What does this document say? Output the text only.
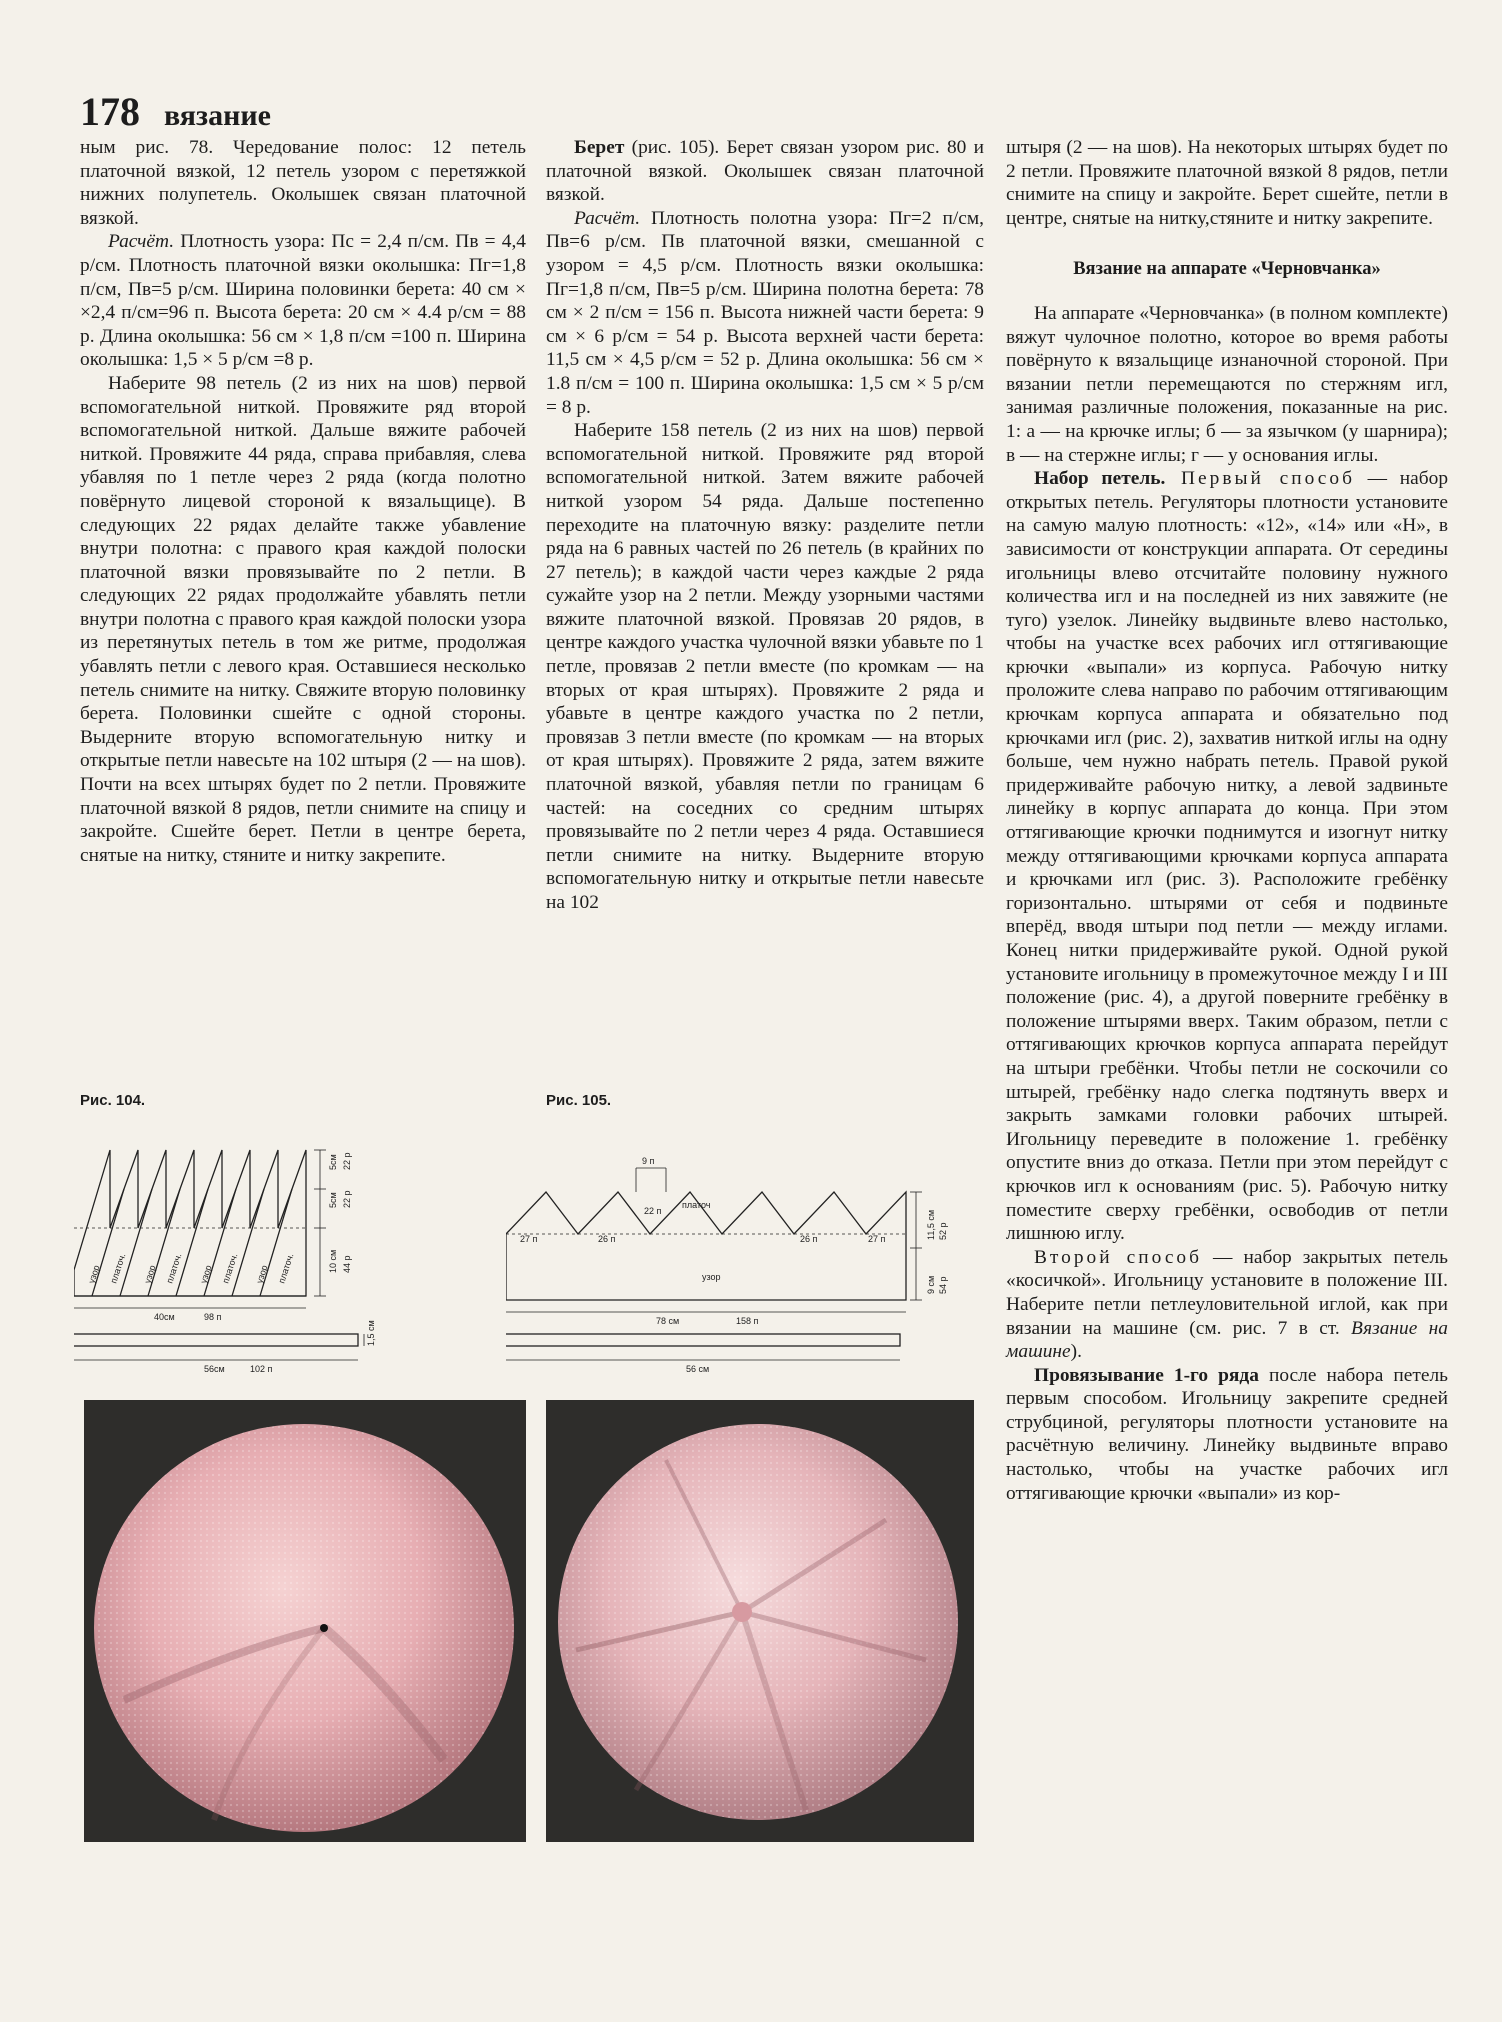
178 вязание

ным рис. 78. Чередование полос: 12 петель платочной вязкой, 12 петель узором с перетяжкой нижних полупетель. Околышек связан платочной вязкой.

Расчёт. Плотность узора: Пс = 2,4 п/см. Пв = 4,4 р/см. Плотность платочной вязки околышка: Пг=1,8 п/см, Пв=5 р/см. Ширина половинки берета: 40 см × ×2,4 п/см=96 п. Высота берета: 20 см × 4.4 р/см = 88 р. Длина околышка: 56 см × 1,8 п/см =100 п. Ширина околышка: 1,5 × 5 р/см =8 р.

Наберите 98 петель (2 из них на шов) первой вспомогательной ниткой. Провяжите ряд второй вспомогательной ниткой. Дальше вяжите рабочей ниткой. Провяжите 44 ряда, справа прибавляя, слева убавляя по 1 петле через 2 ряда (когда полотно повёрнуто лицевой стороной к вязальщице). В следующих 22 рядах делайте также убавление внутри полотна: с правого края каждой полоски платочной вязки провязывайте по 2 петли. В следующих 22 рядах продолжайте убавлять петли внутри полотна с правого края каждой полоски узора из перетянутых петель в том же ритме, продолжая убавлять петли с левого края. Оставшиеся несколько петель снимите на нитку. Свяжите вторую половинку берета. Половинки сшейте с одной стороны. Выдерните вторую вспомогательную нитку и открытые петли навесьте на 102 штыря (2 — на шов). Почти на всех штырях будет по 2 петли. Провяжите платочной вязкой 8 рядов, петли снимите на спицу и закройте. Сшейте берет. Петли в центре берета, снятые на нитку, стяните и нитку закрепите.

Берет (рис. 105). Берет связан узором рис. 80 и платочной вязкой. Околышек связан платочной вязкой.

Расчёт. Плотность полотна узора: Пг=2 п/см, Пв=6 р/см. Пв платочной вязки, смешанной с узором = 4,5 р/см. Плотность вязки околышка: Пг=1,8 п/см, Пв=5 р/см. Ширина полотна берета: 78 см × 2 п/см = 156 п. Высота нижней части берета: 9 см × 6 р/см = 54 р. Высота верхней части берета: 11,5 см × 4,5 р/см = 52 р. Длина околышка: 56 см × 1.8 п/см = 100 п. Ширина околышка: 1,5 см × 5 р/см = 8 р.

Наберите 158 петель (2 из них на шов) первой вспомогательной ниткой. Провяжите ряд второй вспомогательной ниткой. Затем вяжите рабочей ниткой узором 54 ряда. Дальше постепенно переходите на платочную вязку: разделите петли ряда на 6 равных частей по 26 петель (в крайних по 27 петель); в каждой части через каждые 2 ряда сужайте узор на 2 петли. Между узорными частями вяжите платочной вязкой. Провязав 20 рядов, в центре каждого участка чулочной вязки убавьте по 1 петле, провязав 2 петли вместе (по кромкам — на вторых от края штырях). Провяжите 2 ряда и убавьте в центре каждого участка по 2 петли, провязав 3 петли вместе (по кромкам — на вторых от края штырях). Провяжите 2 ряда, затем вяжите платочной вязкой, убавляя петли по границам 6 частей: на соседних со средним штырях провязывайте по 2 петли через 4 ряда. Оставшиеся петли снимите на нитку. Выдерните вторую вспомогательную нитку и открытые петли навесьте на 102

штыря (2 — на шов). На некоторых штырях будет по 2 петли. Провяжите платочной вязкой 8 рядов, петли снимите на спицу и закройте. Берет сшейте, петли в центре, снятые на нитку,стяните и нитку закрепите.

Вязание на аппарате «Черновчанка»

На аппарате «Черновчанка» (в полном комплекте) вяжут чулочное полотно, которое во время работы повёрнуто к вязальщице изнаночной стороной. При вязании петли перемещаются по стержням игл, занимая различные положения, показанные на рис. 1: а — на крючке иглы; б — за язычком (у шарнира); в — на стержне иглы; г — у основания иглы.

Набор петель. Первый способ — набор открытых петель. Регуляторы плотности установите на самую малую плотность: «12», «14» или «Н», в зависимости от конструкции аппарата. От середины игольницы влево отсчитайте половину нужного количества игл и на последней из них завяжите (не туго) узелок. Линейку выдвиньте влево настолько, чтобы на участке всех рабочих игл оттягивающие крючки «выпали» из корпуса. Рабочую нитку проложите слева направо по рабочим оттягивающим крючкам корпуса аппарата и обязательно под крючками игл (рис. 2), захватив ниткой иглы на одну больше, чем нужно набрать петель. Правой рукой придерживайте рабочую нитку, а левой задвиньте линейку в корпус аппарата до конца. При этом оттягивающие крючки поднимутся и изогнут нитку между оттягивающими крючками корпуса аппарата и крючками игл (рис. 3). Расположите гребёнку горизонтально. штырями от себя и подвиньте вперёд, вводя штыри под петли — между иглами. Конец нитки придерживайте рукой. Одной рукой установите игольницу в промежуточное между I и III положение (рис. 4), а другой поверните гребёнку в положение штырями вверх. Таким образом, петли с оттягивающих крючков корпуса аппарата перейдут на штыри гребёнки. Чтобы петли не соскочили со штырей, гребёнку надо слегка подтянуть вверх и закрыть замками головки рабочих штырей. Игольницу переведите в положение 1. гребёнку опустите вниз до отказа. Петли при этом перейдут с крючков игл к основаниям (рис. 5). Рабочую нитку поместите сверху гребёнки, освободив от петли лишнюю иглу.

Второй способ — набор закрытых петель «косичкой». Игольницу установите в положение III. Наберите петли петлеуловительной иглой, как при вязании на машине (см. рис. 7 в ст. Вязание на машине).

Провязывание 1-го ряда после набора петель первым способом. Игольницу закрепите средней струбциной, регуляторы плотности установите на расчётную величину. Линейку выдвиньте вправо настолько, чтобы на участке рабочих игл оттягивающие крючки «выпали» из кор-

Рис. 104.	Рис. 105.
узор платоч. узор платоч. узор платоч. узор платоч.
40см	98 п
5см 22 р
5см 22 р
10 см 44 р
1,5 см
56см	102 п
9 п
платоч
22 п
27 п	26 п	26 п	27 п
узор
78 см	158 п
11,5 см 52 р
9 см 54 р
56 см
